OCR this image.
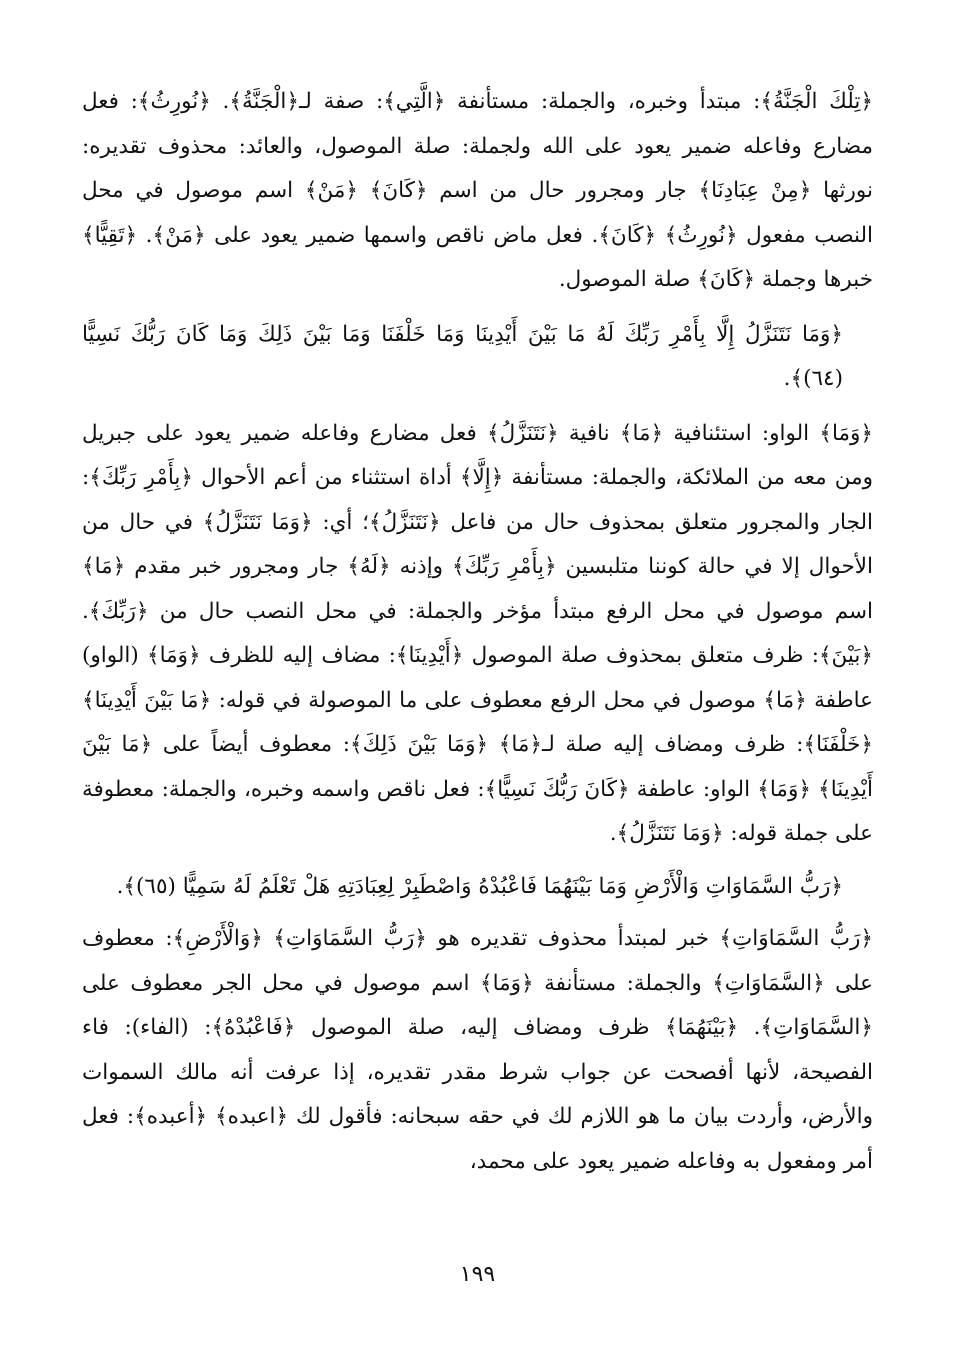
﴿تِلْكَ الْجَنَّةُ﴾: مبتدأ وخبره، والجملة: مستأنفة ﴿الَّتِي﴾: صفة لـ﴿الْجَنَّةُ﴾. ﴿نُورِثُ﴾: فعل مضارع وفاعله ضمير يعود على الله ولجملة: صلة الموصول، والعائد: محذوف تقديره: نورثها ﴿مِنْ عِبَادِنَا﴾ جار ومجرور حال من اسم ﴿كَانَ﴾ ﴿مَنْ﴾ اسم موصول في محل النصب مفعول ﴿نُورِثُ﴾ ﴿كَانَ﴾. فعل ماض ناقص واسمها ضمير يعود على ﴿مَنْ﴾. ﴿تَقِيًّا﴾ خبرها وجملة ﴿كَانَ﴾ صلة الموصول.

﴿وَمَا نَتَنَزَّلُ إِلَّا بِأَمْرِ رَبِّكَ لَهُ مَا بَيْنَ أَيْدِينَا وَمَا خَلْفَنَا وَمَا بَيْنَ ذَلِكَ وَمَا كَانَ رَبُّكَ نَسِيًّا (٦٤)﴾.

﴿وَمَا﴾ الواو: استئنافية ﴿مَا﴾ نافية ﴿نَتَنَزَّلُ﴾ فعل مضارع وفاعله ضمير يعود على جبريل ومن معه من الملائكة، والجملة: مستأنفة ﴿إِلَّا﴾ أداة استثناء من أعم الأحوال ﴿بِأَمْرِ رَبِّكَ﴾: الجار والمجرور متعلق بمحذوف حال من فاعل ﴿نَتَنَزَّلُ﴾؛ أي: ﴿وَمَا نَتَنَزَّلُ﴾ في حال من الأحوال إلا في حالة كوننا متلبسين ﴿بِأَمْرِ رَبِّكَ﴾ وإذنه ﴿لَهُ﴾ جار ومجرور خبر مقدم ﴿مَا﴾ اسم موصول في محل الرفع مبتدأ مؤخر والجملة: في محل النصب حال من ﴿رَبِّكَ﴾. ﴿بَيْنَ﴾: ظرف متعلق بمحذوف صلة الموصول ﴿أَيْدِينَا﴾: مضاف إليه للظرف ﴿وَمَا﴾ (الواو) عاطفة ﴿مَا﴾ موصول في محل الرفع معطوف على ما الموصولة في قوله: ﴿مَا بَيْنَ أَيْدِينَا﴾ ﴿خَلْفَنَا﴾: ظرف ومضاف إليه صلة لـ﴿مَا﴾ ﴿وَمَا بَيْنَ ذَلِكَ﴾: معطوف أيضاً على ﴿مَا بَيْنَ أَيْدِينَا﴾ ﴿وَمَا﴾ الواو: عاطفة ﴿كَانَ رَبُّكَ نَسِيًّا﴾: فعل ناقص واسمه وخبره، والجملة: معطوفة على جملة قوله: ﴿وَمَا نَتَنَزَّلُ﴾.

﴿رَبُّ السَّمَاوَاتِ وَالْأَرْضِ وَمَا بَيْنَهُمَا فَاعْبُدْهُ وَاصْطَبِرْ لِعِبَادَتِهِ هَلْ تَعْلَمُ لَهُ سَمِيًّا (٦٥)﴾.

﴿رَبُّ السَّمَاوَاتِ﴾ خبر لمبتدأ محذوف تقديره هو ﴿رَبُّ السَّمَاوَاتِ﴾ ﴿وَالْأَرْضِ﴾: معطوف على ﴿السَّمَاوَاتِ﴾ والجملة: مستأنفة ﴿وَمَا﴾ اسم موصول في محل الجر معطوف على ﴿السَّمَاوَاتِ﴾. ﴿بَيْنَهُمَا﴾ ظرف ومضاف إليه، صلة الموصول ﴿فَاعْبُدْهُ﴾: (الفاء): فاء الفصيحة، لأنها أفصحت عن جواب شرط مقدر تقديره، إذا عرفت أنه مالك السموات والأرض، وأردت بيان ما هو اللازم لك في حقه سبحانه: فأقول لك ﴿اعبده﴾ ﴿أعبده﴾: فعل أمر ومفعول به وفاعله ضمير يعود على محمد،

١٩٩
